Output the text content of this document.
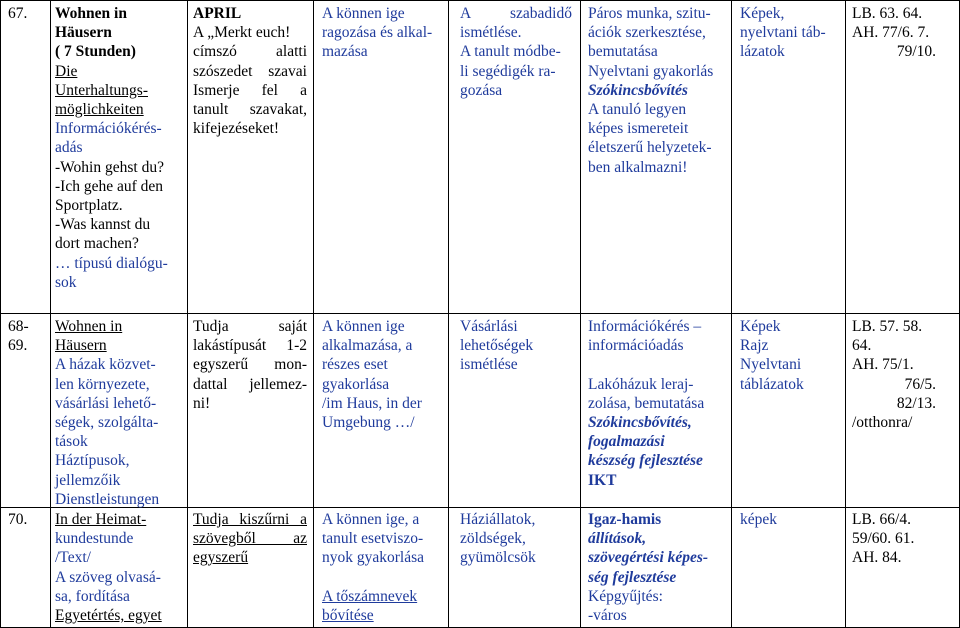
67.
68-
69.
70.
Wohnen in
Häusern
( 7 Stunden)
Die
Unterhaltungs-
möglichkeiten
Információkérés-
adás
-Wohin gehst du?
-Ich gehe auf den
Sportplatz.
-Was kannst du
dort machen?
… típusú dialógu-
sok
Wohnen in
Häusern
A házak közvet-
len környezete,
vásárlási lehető-
ségek, szolgálta-
tások
Háztípusok,
jellemzőik
Dienstleistungen
In der Heimat-
kundestunde
/Text/
A szöveg olvasá-
sa, fordítása
Egyetértés, egyet
APRIL
A „Merkt euch!
címszó alatti
szószedet szavai
Ismerje fel a
tanult szavakat,
kifejezéseket!
Tudja saját
lakástípusát 1-2
egyszerű mon-
dattal jellemez-
ni!
Tudja kiszűrni a
szövegből az
egyszerű
A können ige
ragozása és alkal-
mazása
A können ige
alkalmazása, a
részes eset
gyakorlása
/im Haus, in der
Umgebung …/
A können ige, a
tanult esetviszo-
nyok gyakorlása

A tőszámnevek
bővítése
A szabadidő
ismétlése.
A tanult módbe-
li segédigék ra-
gozása
Vásárlási
lehetőségek
ismétlése
Háziállatok,
zöldségek,
gyümölcsök
Páros munka, szitu-
ációk szerkesztése,
bemutatása
Nyelvtani gyakorlás
Szókincsbővítés
A tanuló legyen
képes ismereteit
életszerű helyzetek-
ben alkalmazni!
Információkérés –
információadás

Lakóházuk leraj-
zolása, bemutatása
Szókincsbővítés,
fogalmazási
készség fejlesztése
IKT
Igaz-hamis
állítások,
szövegértési képes-
ség fejlesztése
Képgyűjtés:
-város
Képek,
nyelvtani táb-
lázatok
Képek
Rajz
Nyelvtani
táblázatok
képek
LB. 63. 64.
AH. 77/6. 7.
79/10.
LB. 57. 58.
64.
AH. 75/1.
76/5.
82/13.
/otthonra/
LB. 66/4.
59/60. 61.
AH. 84.
